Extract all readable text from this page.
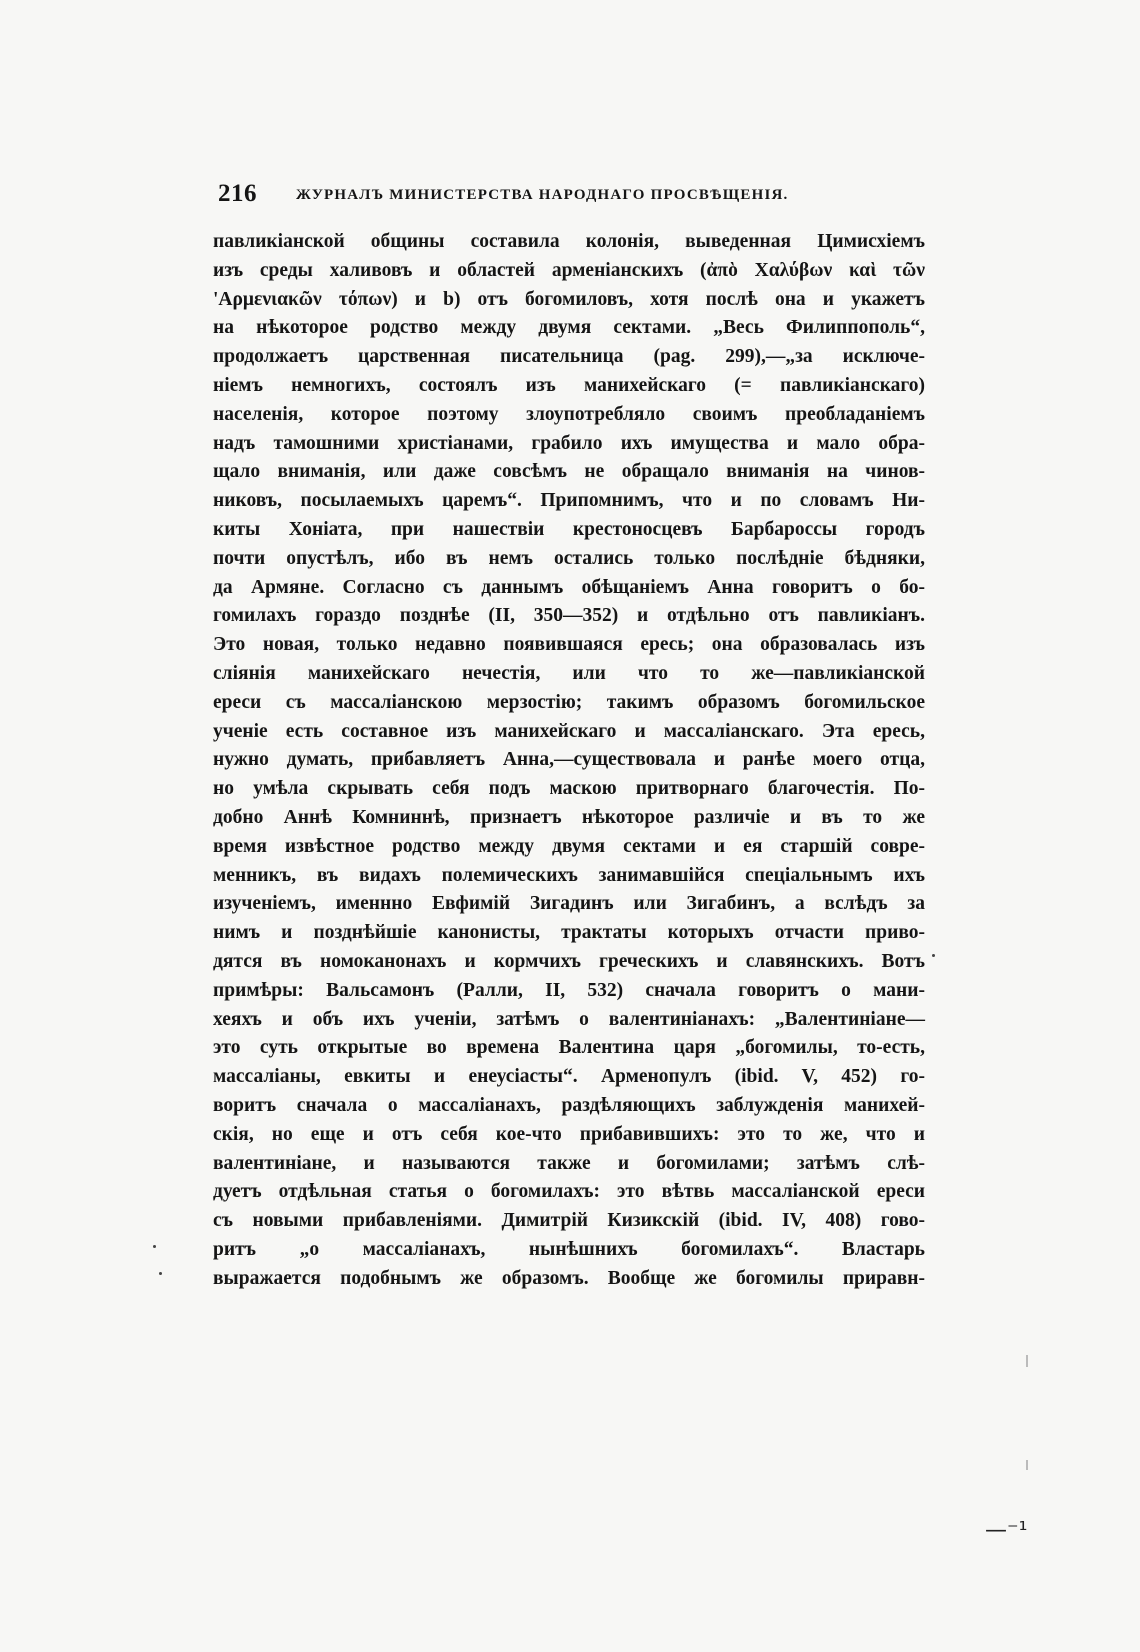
216	ЖУРНАЛЪ МИНИСТЕРСТВА НАРОДНАГО ПРОСВѢЩЕНІЯ.
павликіанской общины составила колонія, выведенная Цимисхіемъ
изъ среды халивовъ и областей арменіанскихъ (ἀπὸ Χαλύβων καὶ τῶν
'Αρμενιακῶν τόπων) и b) отъ богомиловъ, хотя послѣ она и укажетъ
на нѣкоторое родство между двумя сектами. „Весь Филиппополь“,
продолжаетъ царственная писательница (pag. 299),—„за исключе-
ніемъ немногихъ, состоялъ изъ манихейскаго (= павликіанскаго)
населенія, которое поэтому злоупотребляло своимъ преобладаніемъ
надъ тамошними христіанами, грабило ихъ имущества и мало обра-
щало вниманія, или даже совсѣмъ не обращало вниманія на чинов-
никовъ, посылаемыхъ царемъ“. Припомнимъ, что и по словамъ Ни-
киты Хоніата, при нашествіи крестоносцевъ Барбароссы городъ
почти опустѣлъ, ибо въ немъ остались только послѣдніе бѣдняки,
да Армяне. Согласно съ даннымъ обѣщаніемъ Анна говоритъ о бо-
гомилахъ гораздо позднѣе (II, 350—352) и отдѣльно отъ павликіанъ.
Это новая, только недавно появившаяся ересь; она образовалась изъ
слiянія манихейскаго нечестія, или что то же—павликіанской
ереси съ массаліанскою мерзостію; такимъ образомъ богомильское
ученіе есть составное изъ манихейскаго и массаліанскаго. Эта ересь,
нужно думать, прибавляетъ Анна,—существовала и ранѣе моего отца,
но умѣла скрывать себя подъ маскою притворнаго благочестія. По-
добно Аннѣ Комниннѣ, признаетъ нѣкоторое различіе и въ то же
время извѣстное родство между двумя сектами и ея старшій совре-
менникъ, въ видахъ полемическихъ занимавшійся спеціальнымъ ихъ
изученіемъ, именнно Евфимій Зигадинъ или Зигабинъ, а вслѣдъ за
нимъ и позднѣйшіе канонисты, трактаты которыхъ отчасти приво-
дятся въ номоканонахъ и кормчихъ греческихъ и славянскихъ. Вотъ
примѣры: Вальсамонъ (Ралли, II, 532) сначала говоритъ о мани-
хеяхъ и объ ихъ ученіи, затѣмъ о валентиніанахъ: „Валентиніане—
это суть открытые во времена Валентина царя „богомилы, то-есть,
массаліаны, евкиты и енеусіасты“. Арменопулъ (ibid. V, 452) го-
воритъ сначала о массаліанахъ, раздѣляющихъ заблужденія манихей-
скія, но еще и отъ себя кое-что прибавившихъ: это то же, что и
валентиніане, и называются также и богомилами; затѣмъ слѣ-
дуетъ отдѣльная статья о богомилахъ: это вѣтвь массаліанской ереси
съ новыми прибавленіями. Димитрій Кизикскій (ibid. IV, 408) гово-
ритъ „о массаліанахъ, нынѣшнихъ богомилахъ“. Властарь
выражается подобнымъ же образомъ. Вообще же богомилы приравн-
—⁻¹
